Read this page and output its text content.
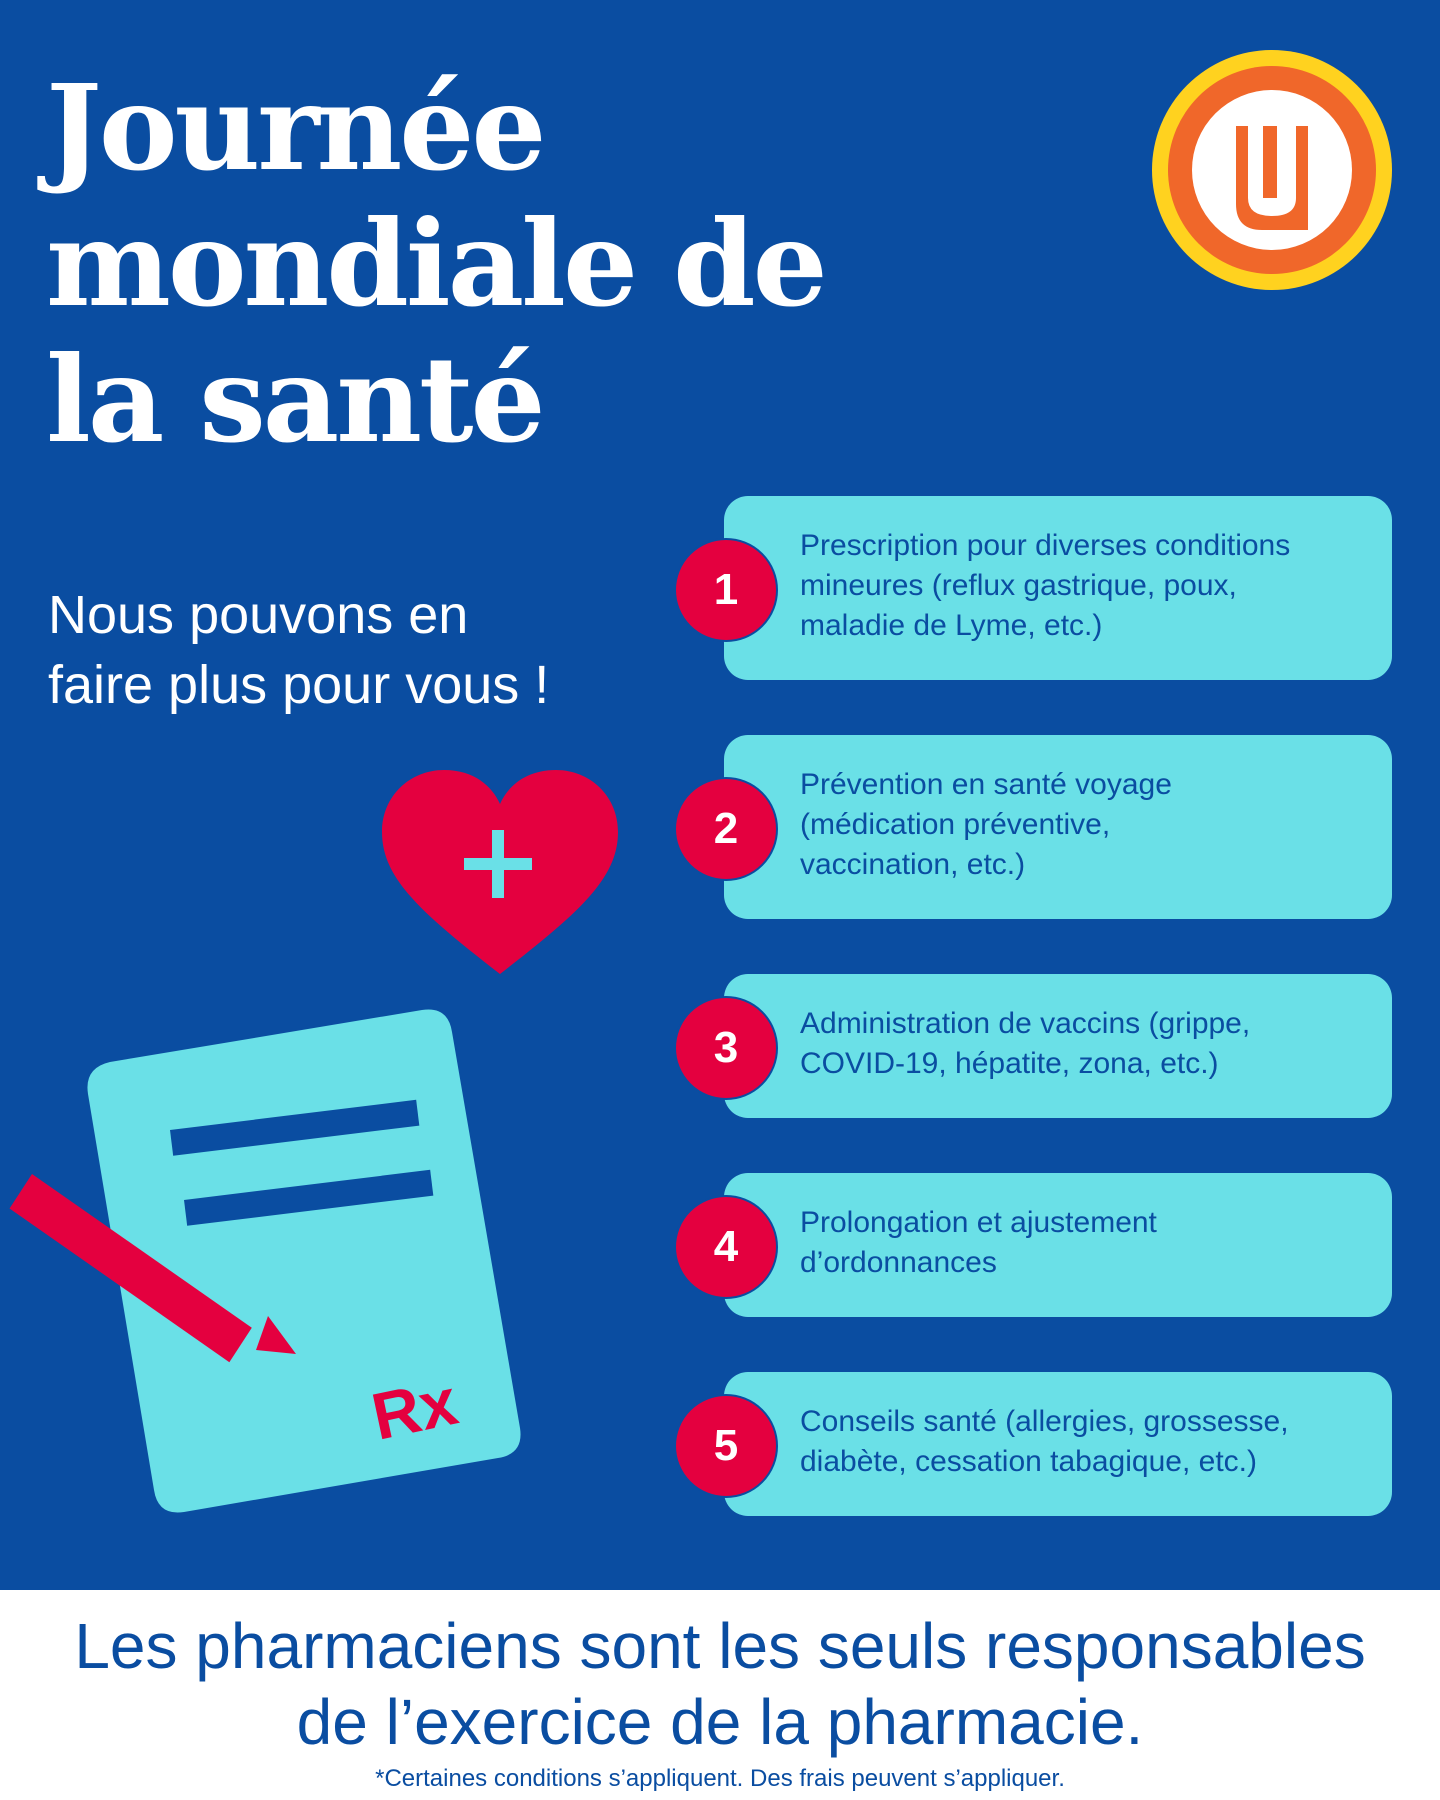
Journée
mondiale de
la santé

Nous pouvons en
faire plus pour vous !

Rx
1

Prescription pour diverses conditions
mineures (reflux gastrique, poux,
maladie de Lyme, etc.)

2

Prévention en santé voyage
(médication préventive,
vaccination, etc.)

3	Administration de vaccins (grippe,
COVID-19, hépatite, zona, etc.)

4	Prolongation et ajustement
d’ordonnances

5	Conseils santé (allergies, grossesse,
diabète, cessation tabagique, etc.)

Les pharmaciens sont les seuls responsables
de l’exercice de la pharmacie.

*Certaines conditions s’appliquent. Des frais peuvent s’appliquer.
